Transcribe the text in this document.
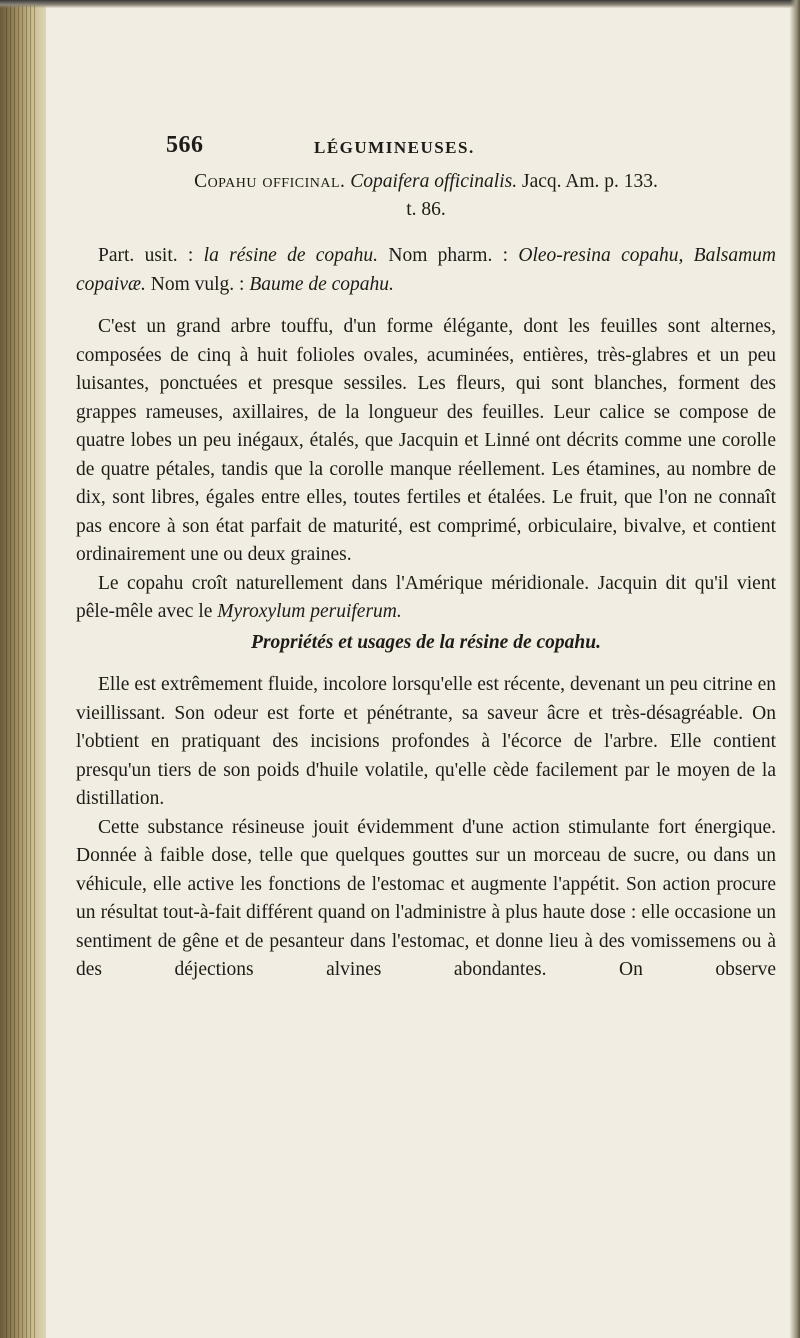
566	LÉGUMINEUSES.

Copahu officinal. Copaifera officinalis. Jacq. Am. p. 133.
t. 86.

Part. usit. : la résine de copahu. Nom pharm. : Oleo-resina copahu, Balsamum copaivæ. Nom vulg. : Baume de copahu.

C'est un grand arbre touffu, d'un forme élégante, dont les feuilles sont alternes, composées de cinq à huit folioles ovales, acuminées, entières, très-glabres et un peu luisantes, ponctuées et presque sessiles. Les fleurs, qui sont blanches, forment des grappes rameuses, axillaires, de la longueur des feuilles. Leur calice se compose de quatre lobes un peu inégaux, étalés, que Jacquin et Linné ont décrits comme une corolle de quatre pétales, tandis que la corolle manque réellement. Les étamines, au nombre de dix, sont libres, égales entre elles, toutes fertiles et étalées. Le fruit, que l'on ne connaît pas encore à son état parfait de maturité, est comprimé, orbiculaire, bivalve, et contient ordinairement une ou deux graines.

Le copahu croît naturellement dans l'Amérique méridionale. Jacquin dit qu'il vient pêle-mêle avec le Myroxylum peruiferum.

Propriétés et usages de la résine de copahu.

Elle est extrêmement fluide, incolore lorsqu'elle est récente, devenant un peu citrine en vieillissant. Son odeur est forte et pénétrante, sa saveur âcre et très-désagréable. On l'obtient en pratiquant des incisions profondes à l'écorce de l'arbre. Elle contient presqu'un tiers de son poids d'huile volatile, qu'elle cède facilement par le moyen de la distillation.

Cette substance résineuse jouit évidemment d'une action stimulante fort énergique. Donnée à faible dose, telle que quelques gouttes sur un morceau de sucre, ou dans un véhicule, elle active les fonctions de l'estomac et augmente l'appétit. Son action procure un résultat tout-à-fait différent quand on l'administre à plus haute dose : elle occasione un sentiment de gêne et de pesanteur dans l'estomac, et donne lieu à des vomissemens ou à des déjections alvines abondantes. On observe
